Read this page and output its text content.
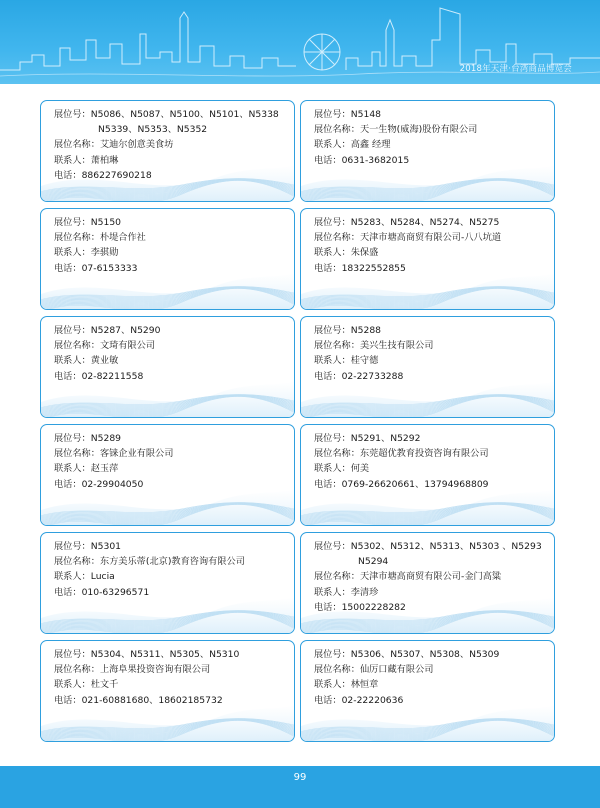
2018年天津·台湾商品博览会
展位号：N5086、N5087、N5100、N5101、N5338
N5339、N5353、N5352
展位名称：艾迪尔创意美食坊
联系人：萧柏琳
电话：886227690218
展位号：N5148
展位名称：天一生物(威海)股份有限公司
联系人：高鑫 经理
电话：0631-3682015
展位号：N5150
展位名称：朴堤合作社
联系人：李骐勋
电话：07-6153333
展位号：N5283、N5284、N5274、N5275
展位名称：天津市塘高商贸有限公司-八八坑道
联系人：朱保盛
电话：18322552855
展位号：N5287、N5290
展位名称：文琦有限公司
联系人：黄业敏
电话：02-82211558
展位号：N5288
展位名称：美兴生技有限公司
联系人：桂守德
电话：02-22733288
展位号：N5289
展位名称：客铼企业有限公司
联系人：赵玉萍
电话：02-29904050
展位号：N5291、N5292
展位名称：东莞超优教育投资咨询有限公司
联系人：何美
电话：0769-26620661、13794968809
展位号：N5301
展位名称：东方美乐蒂(北京)教育咨询有限公司
联系人：Lucia
电话：010-63296571
展位号：N5302、N5312、N5313、N5303 、N5293
N5294
展位名称：天津市塘高商贸有限公司-金门高粱
联系人：李清珍
电话：15002228282
展位号：N5304、N5311、N5305、N5310
展位名称：上海阜果投资咨询有限公司
联系人：杜文千
电话：021-60881680、18602185732
展位号：N5306、N5307、N5308、N5309
展位名称：仙厉口藏有限公司
联系人：林恒章
电话：02-22220636
99
